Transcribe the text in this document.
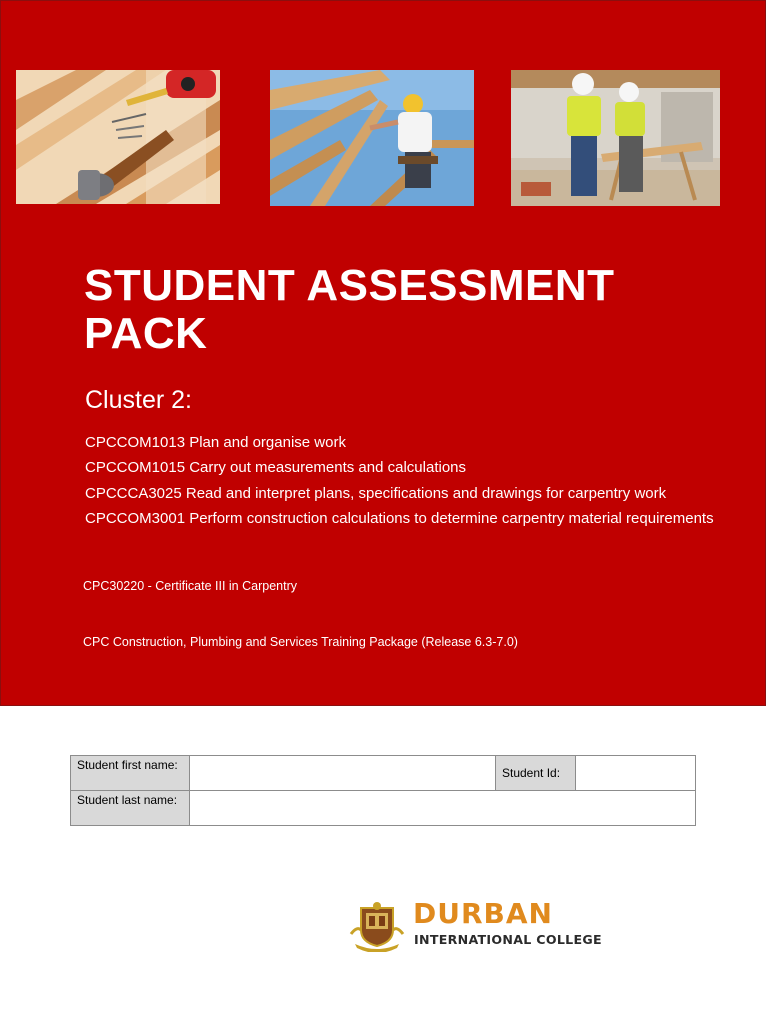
STUDENT ASSESSMENT
PACK
Cluster 2:
CPCCOM1013 Plan and organise work
CPCCOM1015 Carry out measurements and calculations
CPCCCA3025 Read and interpret plans, specifications and drawings for carpentry work
CPCCOM3001 Perform construction calculations to determine carpentry material requirements
CPC30220 - Certificate III in Carpentry
CPC Construction, Plumbing and Services Training Package (Release 6.3-7.0)
Student first name:		Student Id:	
Student last name:			
DURBAN
INTERNATIONAL COLLEGE
